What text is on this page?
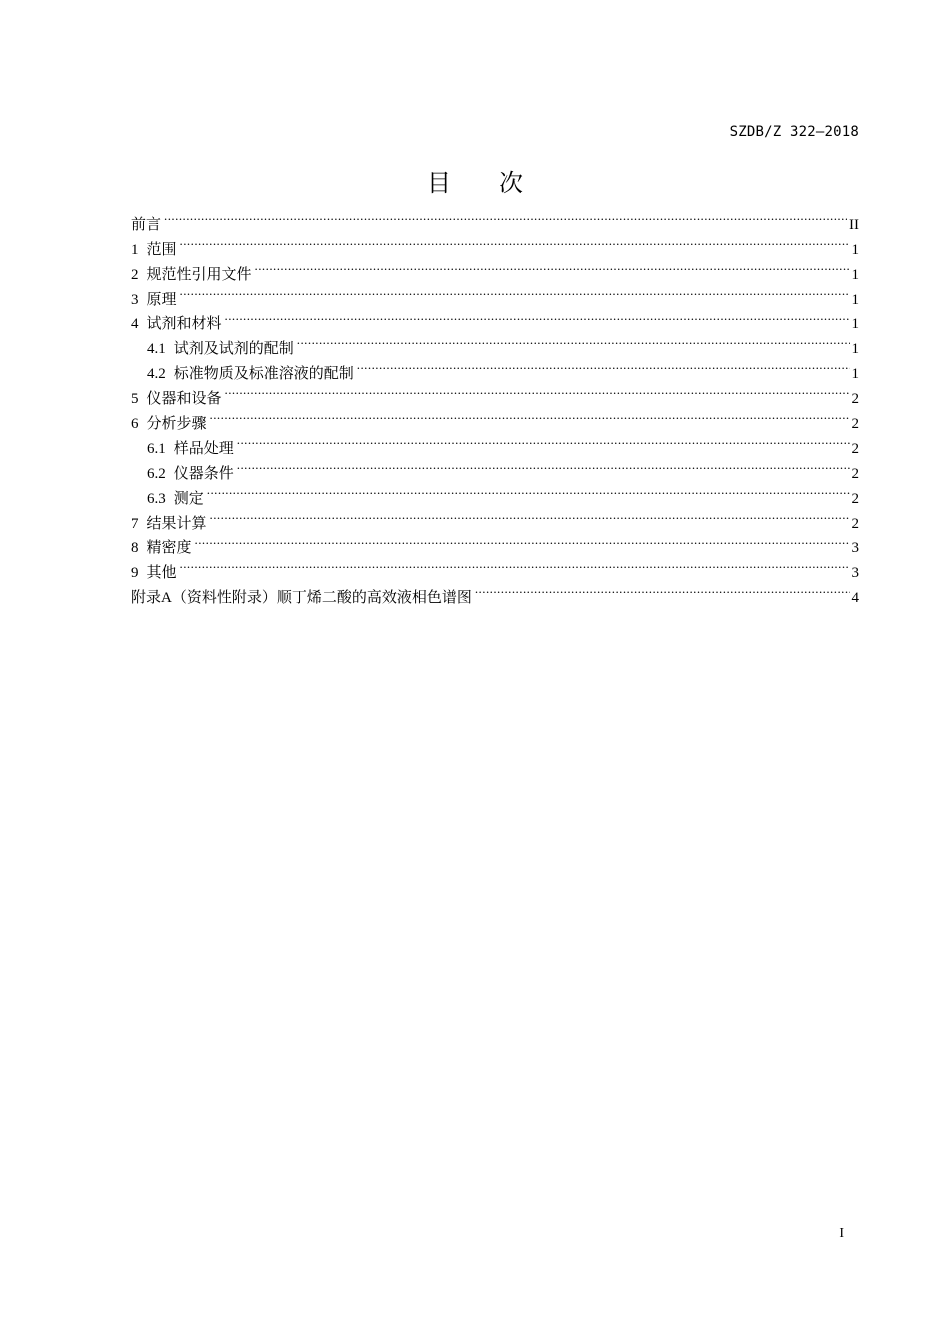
SZDB/Z 322—2018
目 次
前言 .....	II
1 范围 .....	1
2 规范性引用文件 .....	1
3 原理 .....	1
4 试剂和材料 .....	1
4.1 试剂及试剂的配制 .....	1
4.2 标准物质及标准溶液的配制 .....	1
5 仪器和设备 .....	2
6 分析步骤 .....	2
6.1 样品处理 .....	2
6.2 仪器条件 .....	2
6.3 测定 .....	2
7 结果计算 .....	2
8 精密度 .....	3
9 其他 .....	3
附录A（资料性附录）顺丁烯二酸的高效液相色谱图 .....	4
I
